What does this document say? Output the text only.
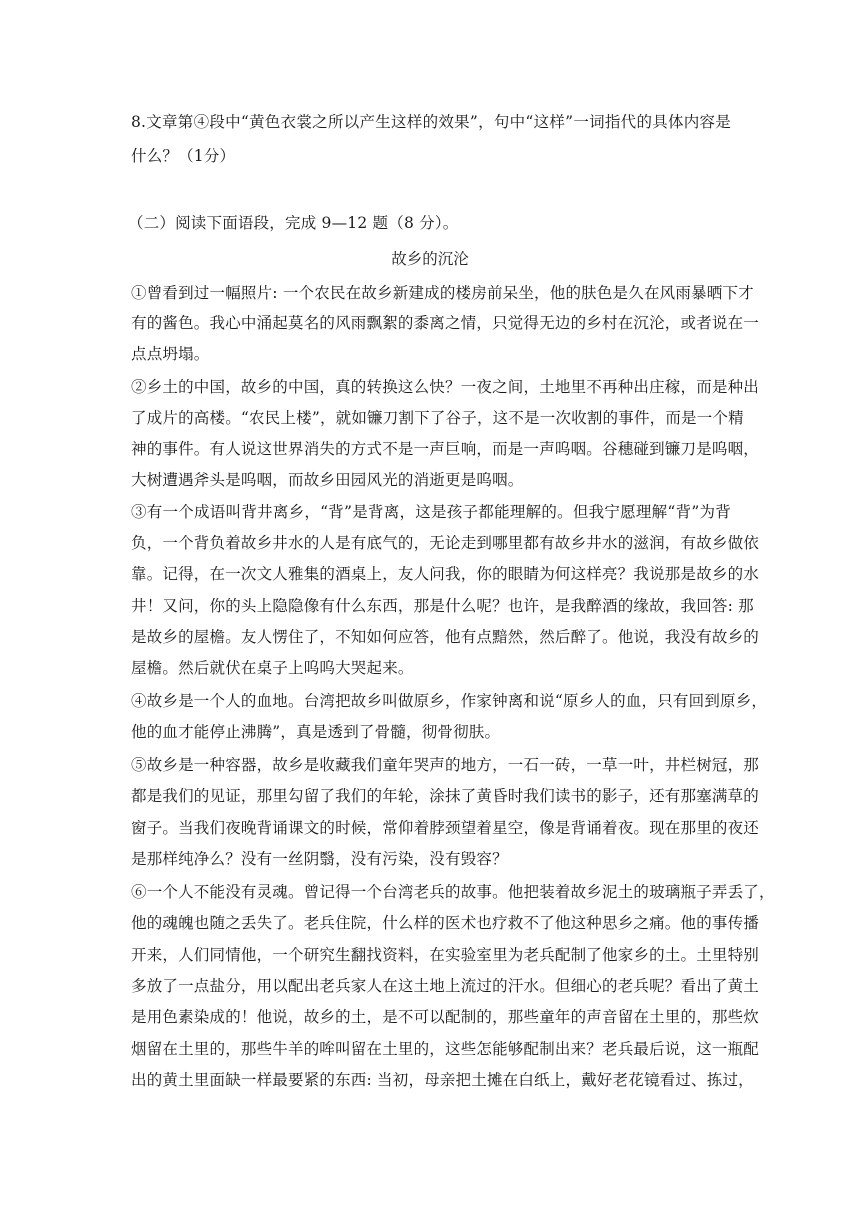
8.文章第④段中“黄色衣裳之所以产生这样的效果”，句中“这样”一词指代的具体内容是
什么？（1分）
（二）阅读下面语段，完成 9—12 题（8 分）。
故乡的沉沦
①曾看到过一幅照片: 一个农民在故乡新建成的楼房前呆坐，他的肤色是久在风雨暴晒下才
有的酱色。我心中涌起莫名的风雨飘絮的黍离之情，只觉得无边的乡村在沉沦，或者说在一
点点坍塌。
②乡土的中国，故乡的中国，真的转换这么快？一夜之间，土地里不再种出庄稼，而是种出
了成片的高楼。“农民上楼”，就如镰刀割下了谷子，这不是一次收割的事件，而是一个精
神的事件。有人说这世界消失的方式不是一声巨响，而是一声呜咽。谷穗碰到镰刀是呜咽，
大树遭遇斧头是呜咽，而故乡田园风光的消逝更是呜咽。
③有一个成语叫背井离乡，“背”是背离，这是孩子都能理解的。但我宁愿理解“背”为背
负，一个背负着故乡井水的人是有底气的，无论走到哪里都有故乡井水的滋润，有故乡做依
靠。记得，在一次文人雅集的酒桌上，友人问我，你的眼睛为何这样亮？我说那是故乡的水
井！又问，你的头上隐隐像有什么东西，那是什么呢？也许，是我醉酒的缘故，我回答: 那
是故乡的屋檐。友人愣住了，不知如何应答，他有点黯然，然后醉了。他说，我没有故乡的
屋檐。然后就伏在桌子上呜呜大哭起来。
④故乡是一个人的血地。台湾把故乡叫做原乡，作家钟离和说“原乡人的血，只有回到原乡，
他的血才能停止沸腾”，真是透到了骨髓，彻骨彻肤。
⑤故乡是一种容器，故乡是收藏我们童年哭声的地方，一石一砖，一草一叶，井栏树冠，那
都是我们的见证，那里勾留了我们的年轮，涂抹了黄昏时我们读书的影子，还有那塞满草的
窗子。当我们夜晚背诵课文的时候，常仰着脖颈望着星空，像是背诵着夜。现在那里的夜还
是那样纯净么？没有一丝阴翳，没有污染，没有毁容？
⑥一个人不能没有灵魂。曾记得一个台湾老兵的故事。他把装着故乡泥土的玻璃瓶子弄丢了，
他的魂魄也随之丢失了。老兵住院，什么样的医术也疗救不了他这种思乡之痛。他的事传播
开来，人们同情他，一个研究生翻找资料，在实验室里为老兵配制了他家乡的土。土里特别
多放了一点盐分，用以配出老兵家人在这土地上流过的汗水。但细心的老兵呢？看出了黄土
是用色素染成的！他说，故乡的土，是不可以配制的，那些童年的声音留在土里的，那些炊
烟留在土里的，那些牛羊的哞叫留在土里的，这些怎能够配制出来？老兵最后说，这一瓶配
出的黄土里面缺一样最要紧的东西: 当初，母亲把土摊在白纸上，戴好老花镜看过、拣过，
